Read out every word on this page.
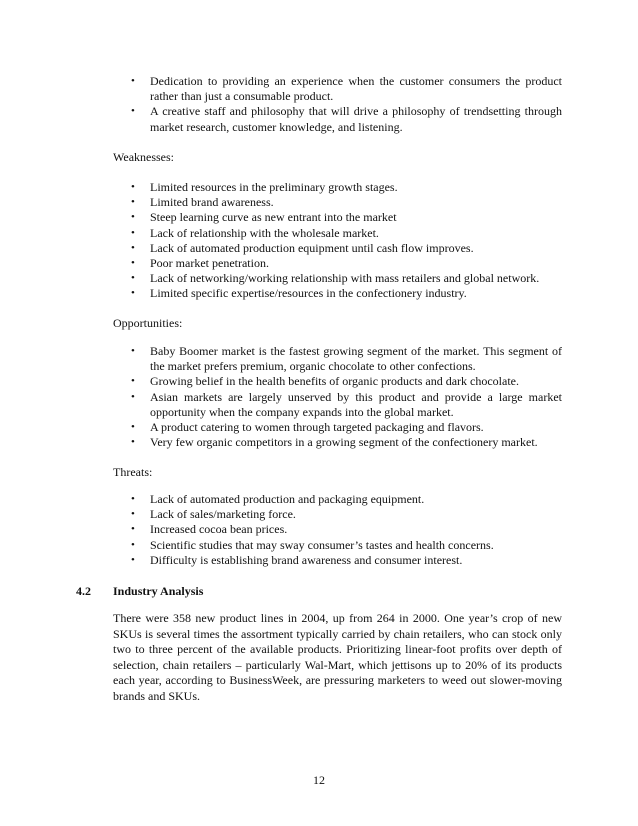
• Dedication to providing an experience when the customer consumers the product rather than just a consumable product.
• A creative staff and philosophy that will drive a philosophy of trendsetting through market research, customer knowledge, and listening.
Weaknesses:
• Limited resources in the preliminary growth stages.
• Limited brand awareness.
• Steep learning curve as new entrant into the market
• Lack of relationship with the wholesale market.
• Lack of automated production equipment until cash flow improves.
• Poor market penetration.
• Lack of networking/working relationship with mass retailers and global network.
• Limited specific expertise/resources in the confectionery industry.
Opportunities:
• Baby Boomer market is the fastest growing segment of the market. This segment of the market prefers premium, organic chocolate to other confections.
• Growing belief in the health benefits of organic products and dark chocolate.
• Asian markets are largely unserved by this product and provide a large market opportunity when the company expands into the global market.
• A product catering to women through targeted packaging and flavors.
• Very few organic competitors in a growing segment of the confectionery market.
Threats:
• Lack of automated production and packaging equipment.
• Lack of sales/marketing force.
• Increased cocoa bean prices.
• Scientific studies that may sway consumer’s tastes and health concerns.
• Difficulty is establishing brand awareness and consumer interest.
4.2 Industry Analysis
There were 358 new product lines in 2004, up from 264 in 2000. One year’s crop of new SKUs is several times the assortment typically carried by chain retailers, who can stock only two to three percent of the available products. Prioritizing linear-foot profits over depth of selection, chain retailers – particularly Wal-Mart, which jettisons up to 20% of its products each year, according to BusinessWeek, are pressuring marketers to weed out slower-moving brands and SKUs.
12
